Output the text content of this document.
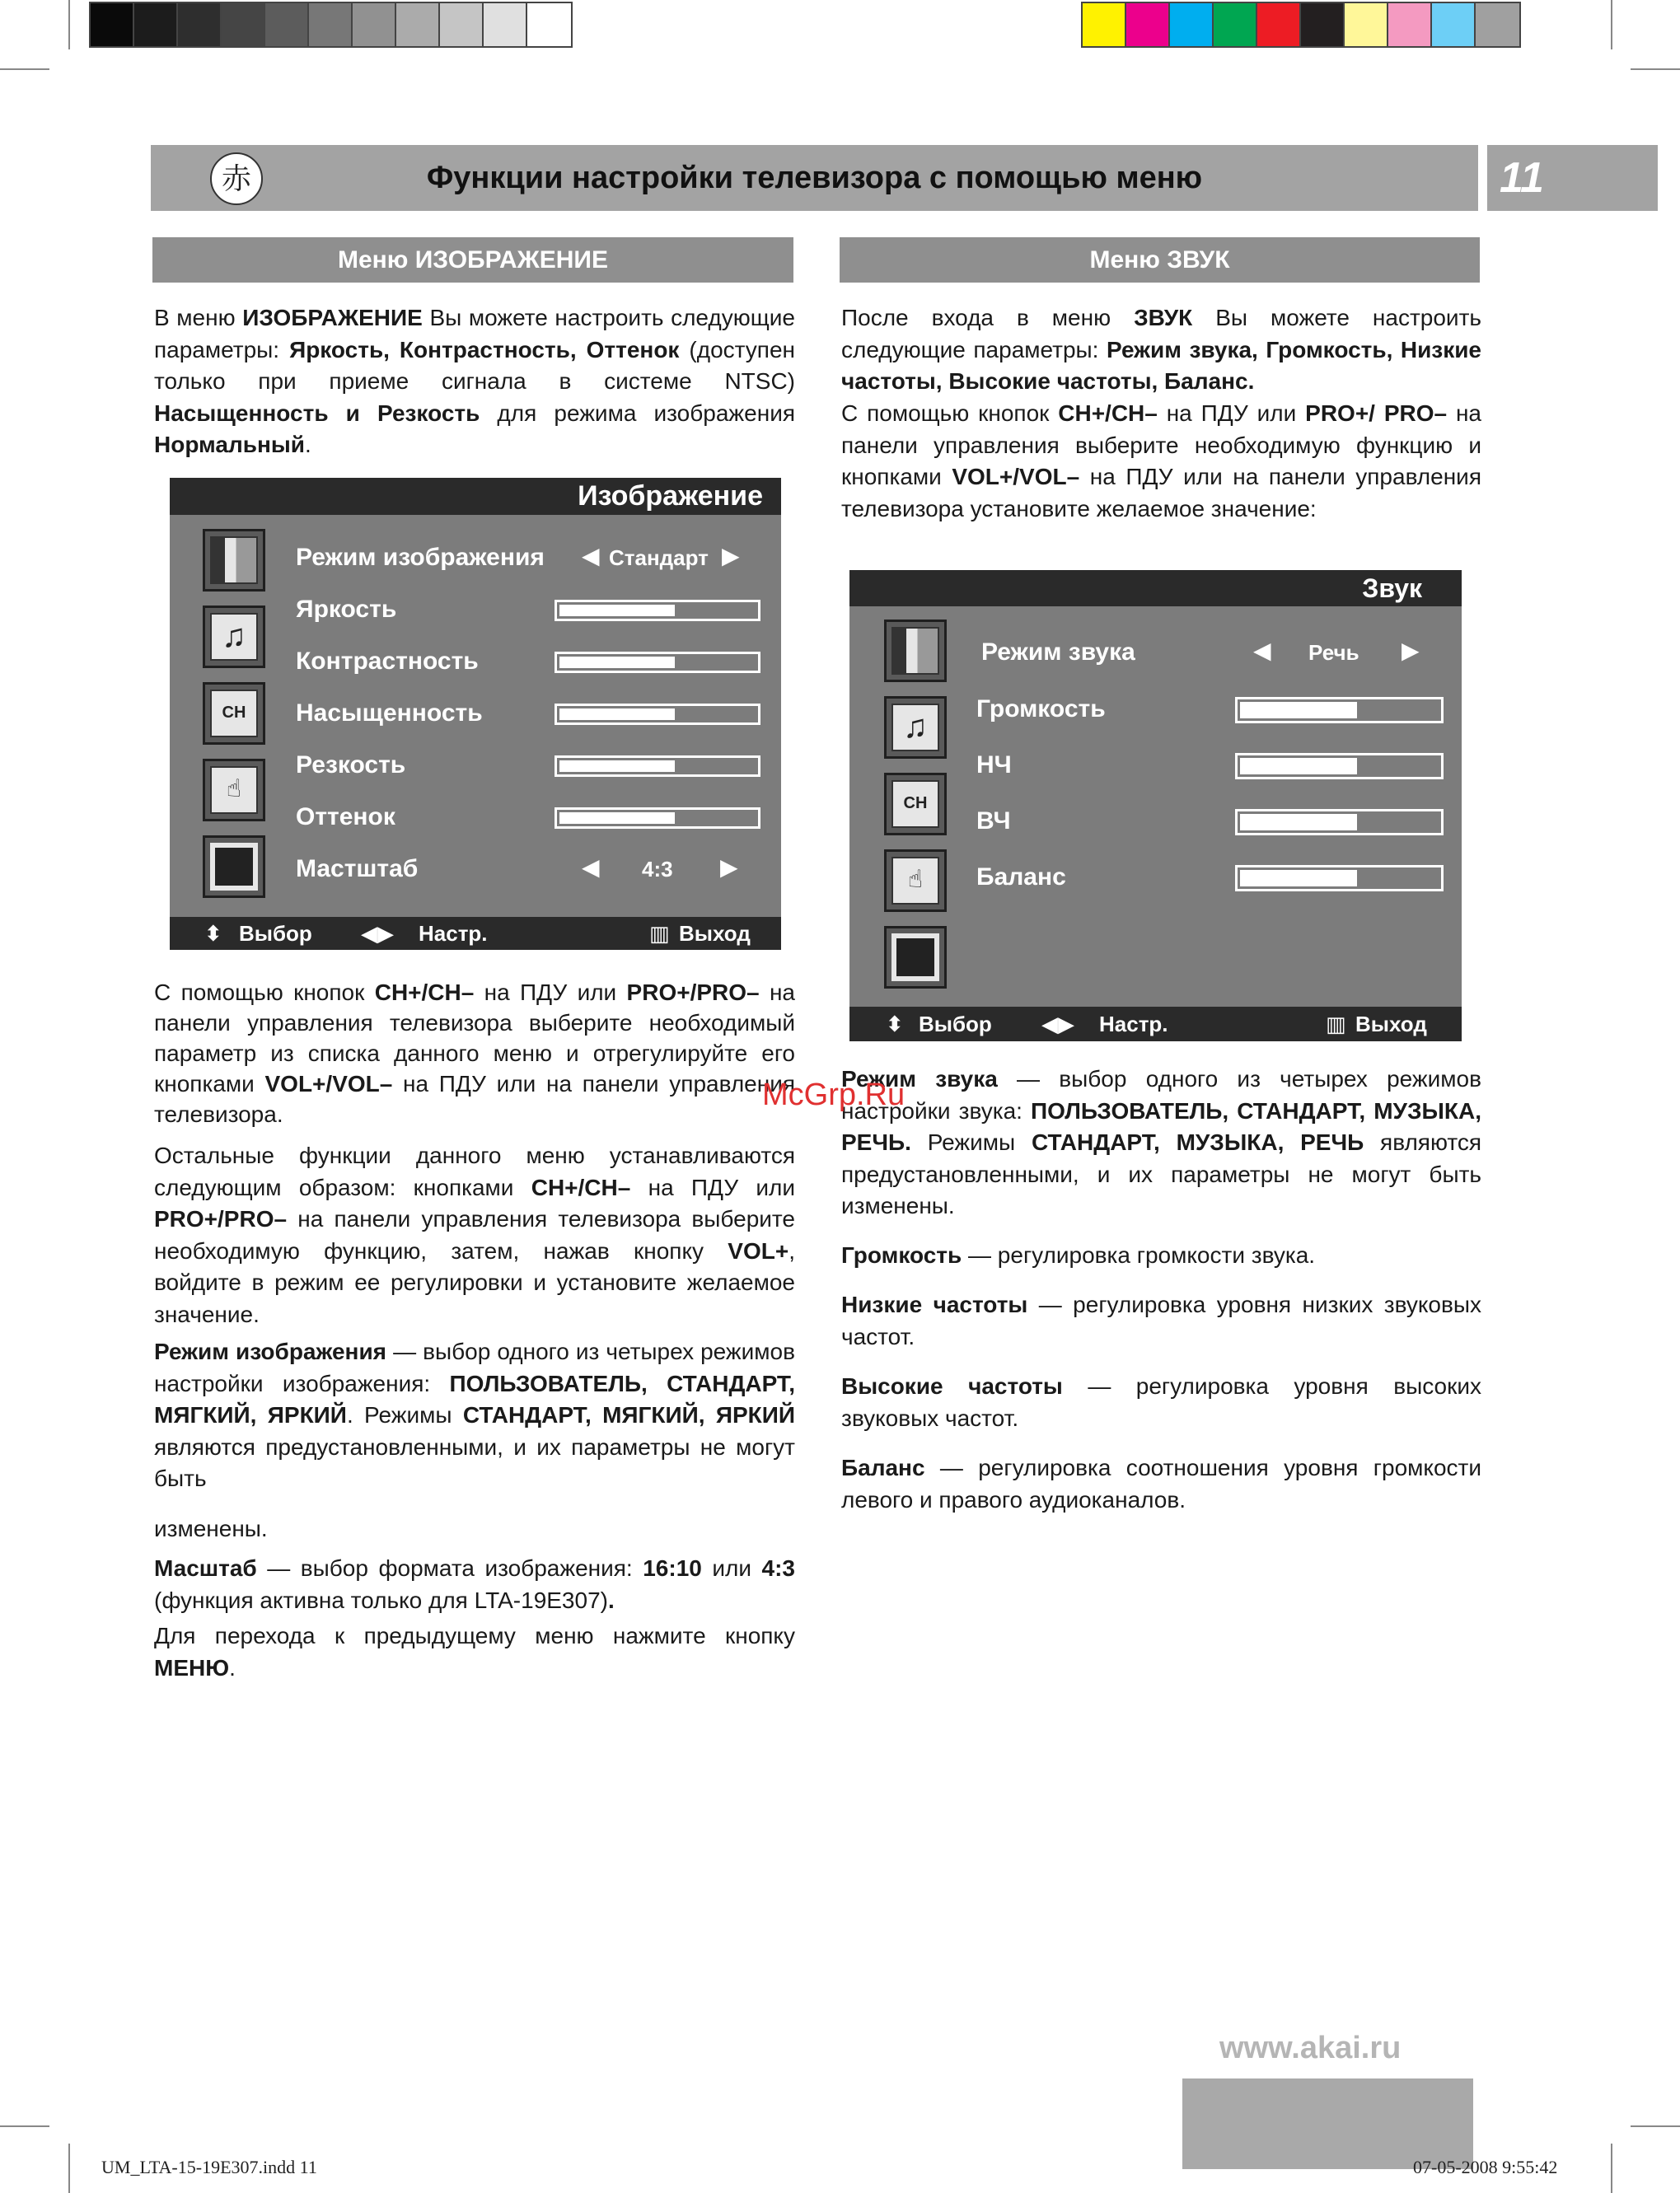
赤	Функции настройки телевизора с помощью меню	11
Меню ИЗОБРАЖЕНИЕ

В меню ИЗОБРАЖЕНИЕ Вы можете настроить следующие параметры: Яркость, Контрастность, Оттенок (доступен только при приеме сигнала в системе NTSC) Насыщенность и Резкость для режима изображения Нормальный.

Изображение
♫
CH
☝
Режим изображения ◀ Стандарт ▶
Яркость
Контрастность
Насыщенность
Резкость
Оттенок
Мастштаб	◀ 4:3 ▶
⬍ Выбор ◀▶ Настр.	▥ Выход

С помощью кнопок CH+/CH– на ПДУ или PRO+/PRO– на панели управления телевизора выберите необходимый параметр из списка данного меню и отрегулируйте его кнопками VOL+/VOL– на ПДУ или на панели управления телевизора.

Остальные функции данного меню устанавливаются следующим образом: кнопками CH+/CH– на ПДУ или PRO+/PRO– на панели управления телевизора выберите необходимую функцию, затем, нажав кнопку VOL+, войдите в режим ее регулировки и установите желаемое значение.

Режим изображения — выбор одного из четырех режимов настройки изображения: ПОЛЬЗОВАТЕЛЬ, СТАНДАРТ, МЯГКИЙ, ЯРКИЙ. Режимы СТАНДАРТ, МЯГКИЙ, ЯРКИЙ являются предустановленными, и их параметры не могут быть

изменены.

Масштаб — выбор формата изображения: 16:10 или 4:3 (функция активна только для LTA-19E307).

Для перехода к предыдущему меню нажмите кнопку МЕНЮ.

Меню ЗВУК

После входа в меню ЗВУК Вы можете настроить следующие параметры: Режим звука, Громкость, Низкие частоты, Высокие частоты, Баланс.

С помощью кнопок CH+/CH– на ПДУ или PRO+/ PRO– на панели управления выберите необходимую функцию и кнопками VOL+/VOL– на ПДУ или на панели управления телевизора установите желаемое значение:

Звук
♫
CH
☝
Режим звука	◀ Речь ▶
Громкость
НЧ
ВЧ
Баланс
⬍ Выбор ◀▶ Настр.	▥ Выход

Режим звука — выбор одного из четырех режимов настройки звука: ПОЛЬЗОВАТЕЛЬ, СТАНДАРТ, МУЗЫКА, РЕЧЬ. Режимы СТАНДАРТ, МУЗЫКА, РЕЧЬ являются предустановленными, и их параметры не могут быть изменены.

Громкость — регулировка громкости звука.

Низкие частоты — регулировка уровня низких звуковых частот.

Высокие частоты — регулировка уровня высоких звуковых частот.

Баланс — регулировка соотношения уровня громкости левого и правого аудиоканалов.

McGrp.Ru
www.akai.ru
UM_LTA-15-19E307.indd 11	07-05-2008 9:55:42
